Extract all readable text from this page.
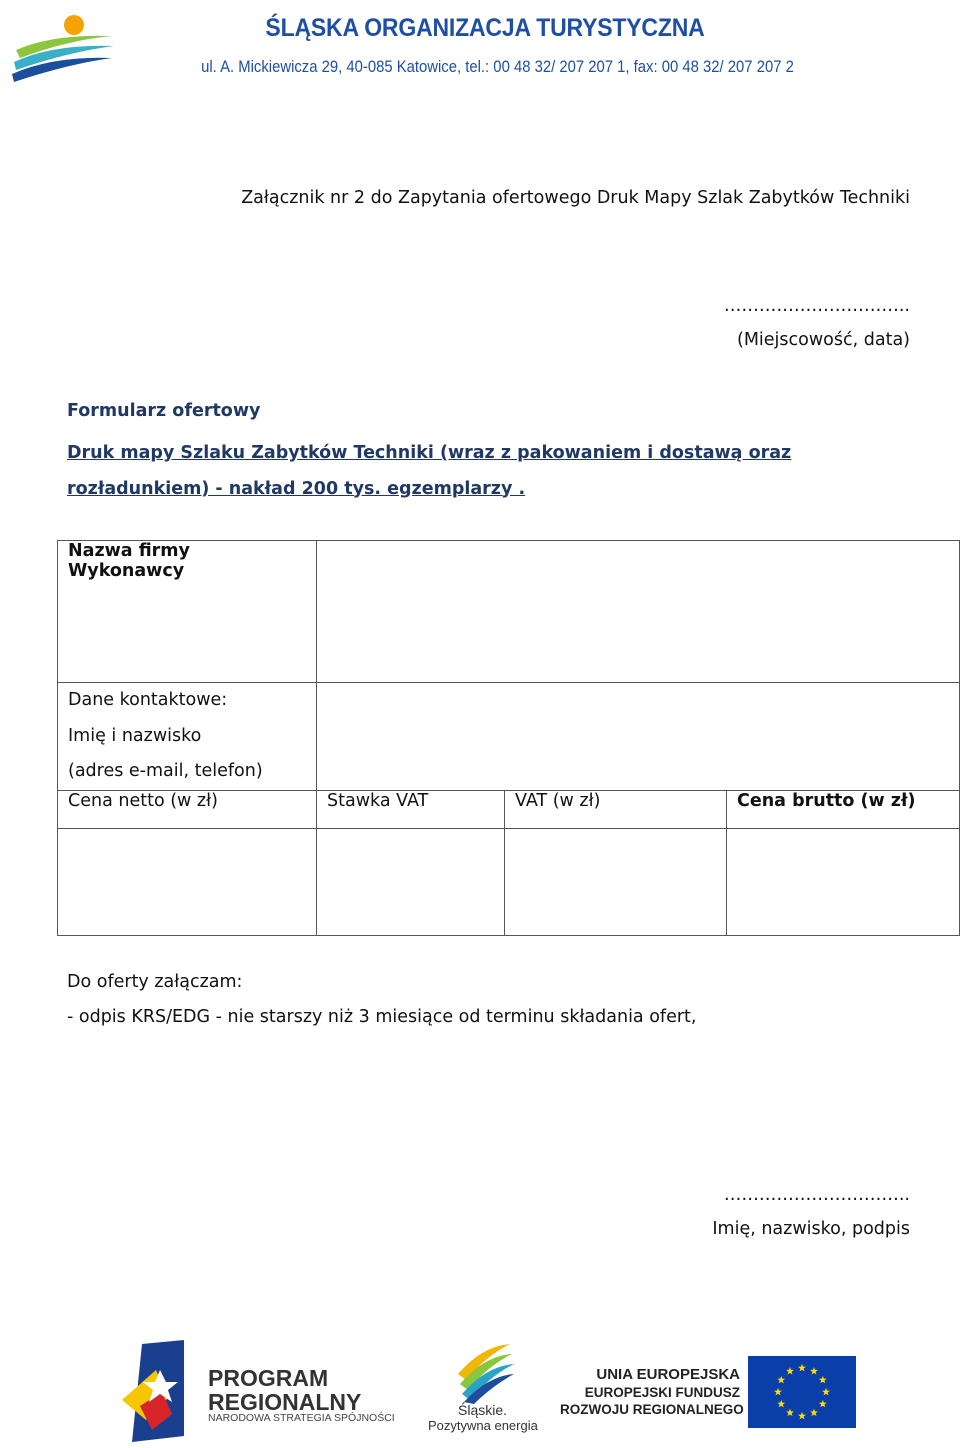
ŚLĄSKA ORGANIZACJA TURYSTYCZNA
ul. A. Mickiewicza 29, 40-085 Katowice, tel.: 00 48 32/ 207 207 1, fax: 00 48 32/ 207 207 2
Załącznik nr 2 do Zapytania ofertowego Druk Mapy Szlak Zabytków Techniki
…………………………..
(Miejscowość, data)
Formularz ofertowy
Druk mapy Szlaku Zabytków Techniki (wraz z pakowaniem i dostawą oraz rozładunkiem) - nakład 200 tys. egzemplarzy .
Nazwa firmy Wykonawcy			

Dane kontaktowe:
Imię i nazwisko
(adres e-mail, telefon)			

Cena netto (w zł)	Stawka VAT	VAT (w zł)	Cena brutto (w zł)

Do oferty załączam:
- odpis KRS/EDG - nie starszy niż 3 miesiące od terminu składania ofert,
…………………………..
Imię, nazwisko, podpis
PROGRAM
REGIONALNY
NARODOWA STRATEGIA SPÓJNOŚCI	Śląskie.
Pozytywna energia
UNIA EUROPEJSKA
EUROPEJSKI FUNDUSZ
ROZWOJU REGIONALNEGO
